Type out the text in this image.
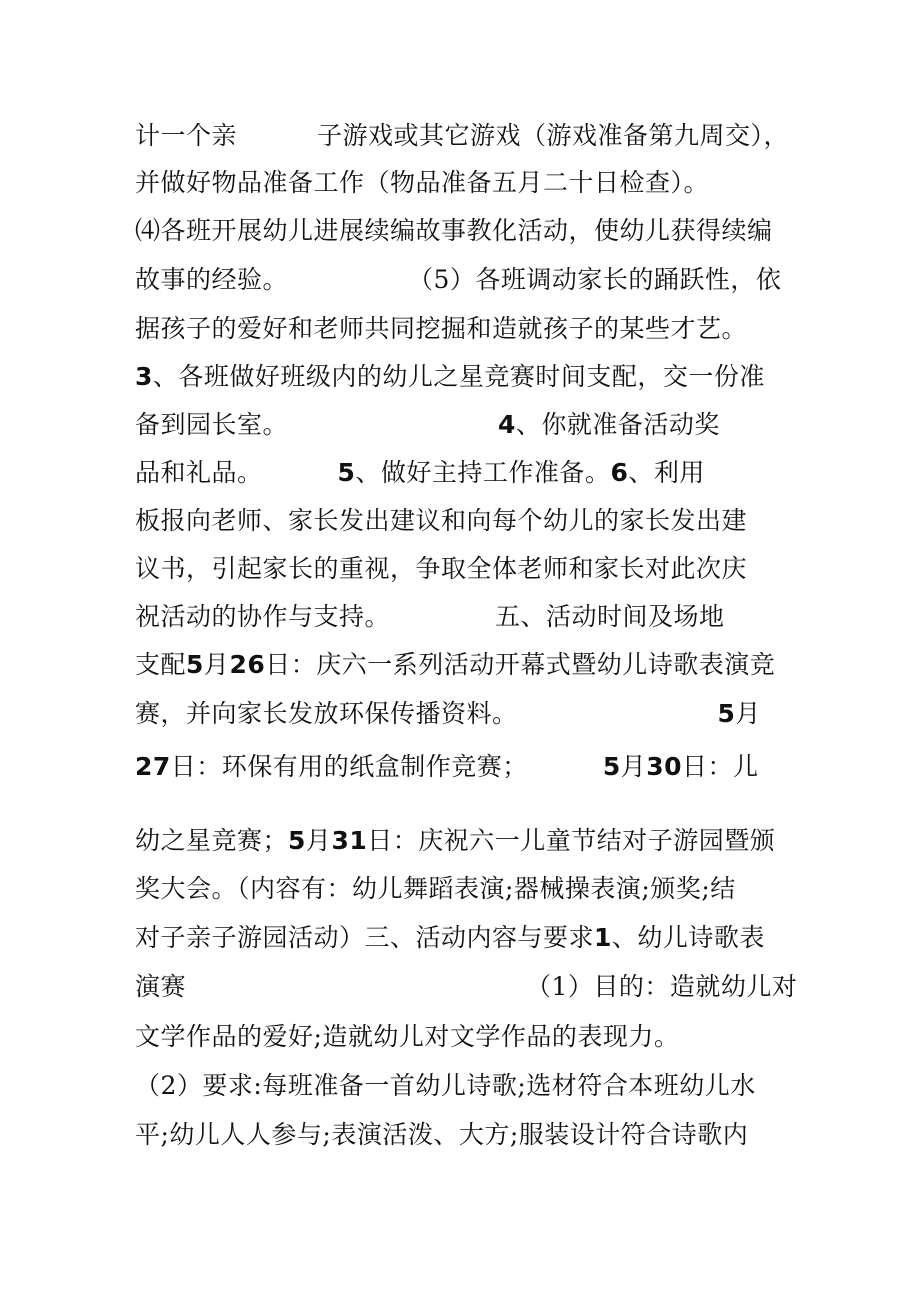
计一个亲	子游戏或其它游戏（游戏准备第九周交），
并做好物品准备工作（物品准备五月二十日检查）。
⑷各班开展幼儿进展续编故事教化活动，使幼儿获得续编
故事的经验。	（5）各班调动家长的踊跃性，依
据孩子的爱好和老师共同挖掘和造就孩子的某些才艺。
3、各班做好班级内的幼儿之星竞赛时间支配，交一份准
备到园长室。	4、你就准备活动奖
品和礼品。	5、做好主持工作准备。6、利用
板报向老师、家长发出建议和向每个幼儿的家长发出建
议书，引起家长的重视，争取全体老师和家长对此次庆
祝活动的协作与支持。	五、活动时间及场地
支配5月26日：庆六一系列活动开幕式暨幼儿诗歌表演竞
赛，并向家长发放环保传播资料。	5月
27日：环保有用的纸盒制作竞赛；	5月30日：儿
幼之星竞赛；5月31日：庆祝六一儿童节结对子游园暨颁
奖大会。（内容有：幼儿舞蹈表演;器械操表演;颁奖;结
对子亲子游园活动）三、活动内容与要求1、幼儿诗歌表
演赛	（1）目的：造就幼儿对
文学作品的爱好;造就幼儿对文学作品的表现力。
（2）要求:每班准备一首幼儿诗歌;选材符合本班幼儿水
平;幼儿人人参与;表演活泼、大方;服装设计符合诗歌内
